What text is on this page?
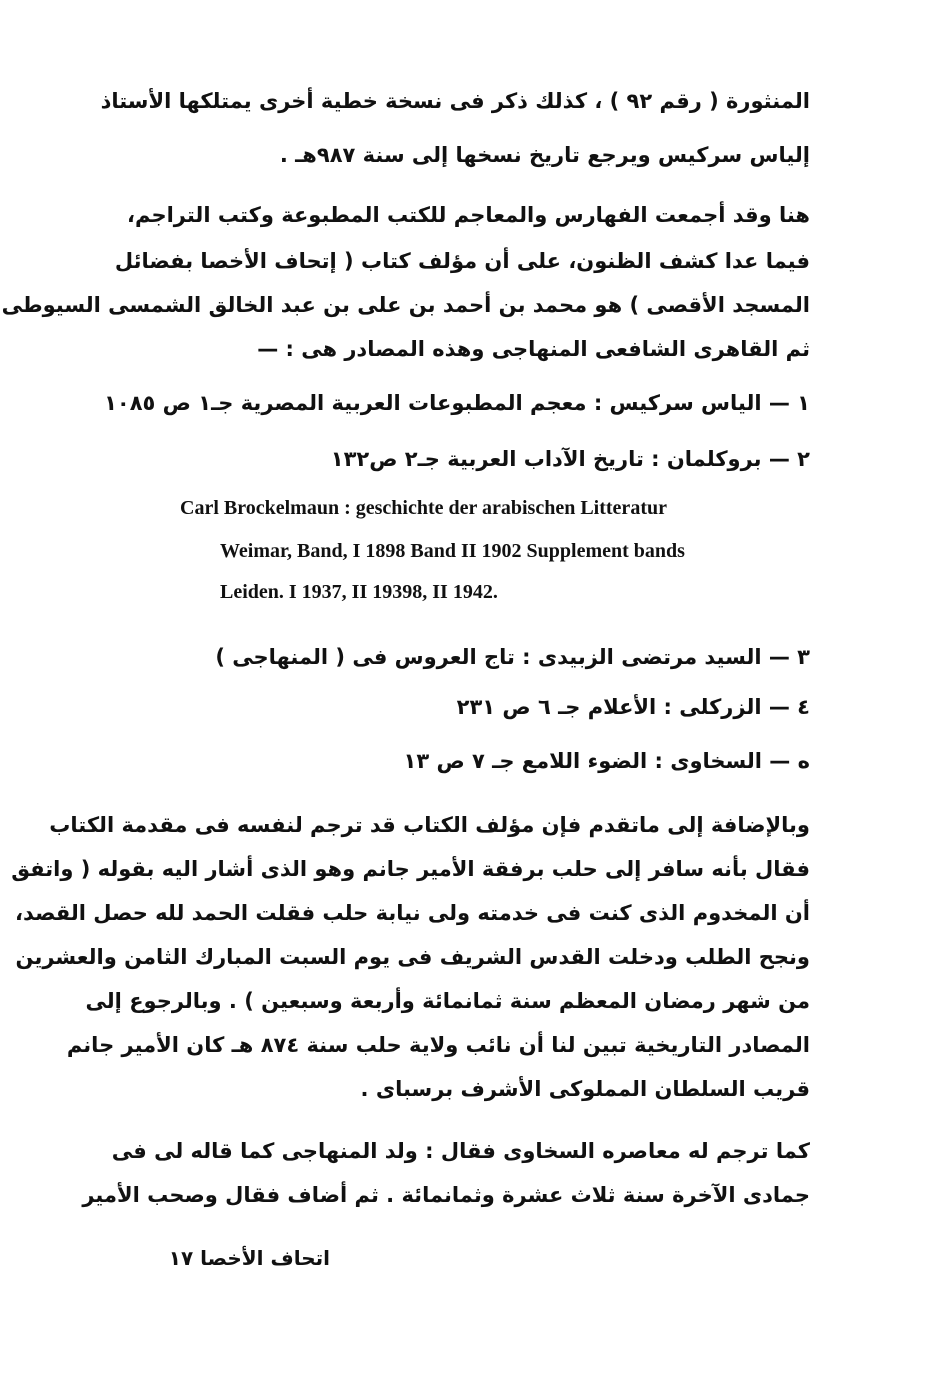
المنثورة ( رقم ٩٢ ) ، كذلك ذكر فى نسخة خطية أخرى يمتلكها الأستاذ
إلياس سركيس ويرجع تاريخ نسخها إلى سنة ٩٨٧هـ .
هنا وقد أجمعت الفهارس والمعاجم للكتب المطبوعة وكتب التراجم،
فيما عدا كشف الظنون، على أن مؤلف كتاب ( إتحاف الأخصا بفضائل
المسجد الأقصى ) هو محمد بن أحمد بن على بن عبد الخالق الشمسى السيوطى
ثم القاهرى الشافعى المنهاجى وهذه المصادر هى : —
١ — الياس سركيس : معجم المطبوعات العربية المصرية جـ١ ص ١٠٨٥
٢ — بروكلمان : تاريخ الآداب العربية جـ٢ ص١٣٢
Carl Brockelmaun : geschichte der arabischen Litteratur
Weimar, Band, I 1898 Band II 1902 Supplement bands
Leiden. I 1937, II 19398, II 1942.
٣ — السيد مرتضى الزبيدى : تاج العروس فى ( المنهاجى )
٤ — الزركلى : الأعلام جـ ٦ ص ٢٣١
ه — السخاوى : الضوء اللامع جـ ٧ ص ١٣
وبالإضافة إلى ماتقدم فإن مؤلف الكتاب قد ترجم لنفسه فى مقدمة الكتاب
فقال بأنه سافر إلى حلب برفقة الأمير جانم وهو الذى أشار اليه بقوله ( واتفق
أن المخدوم الذى كنت فى خدمته ولى نيابة حلب فقلت الحمد لله حصل القصد،
ونجح الطلب ودخلت القدس الشريف فى يوم السبت المبارك الثامن والعشرين
من شهر رمضان المعظم سنة ثمانمائة وأربعة وسبعين ) . وبالرجوع إلى
المصادر التاريخية تبين لنا أن نائب ولاية حلب سنة ٨٧٤ هـ كان الأمير جانم
قريب السلطان المملوكى الأشرف برسباى .
كما ترجم له معاصره السخاوى فقال : ولد المنهاجى كما قاله لى فى
جمادى الآخرة سنة ثلاث عشرة وثمانمائة . ثم أضاف فقال وصحب الأمير
اتحاف الأخصا ١٧
